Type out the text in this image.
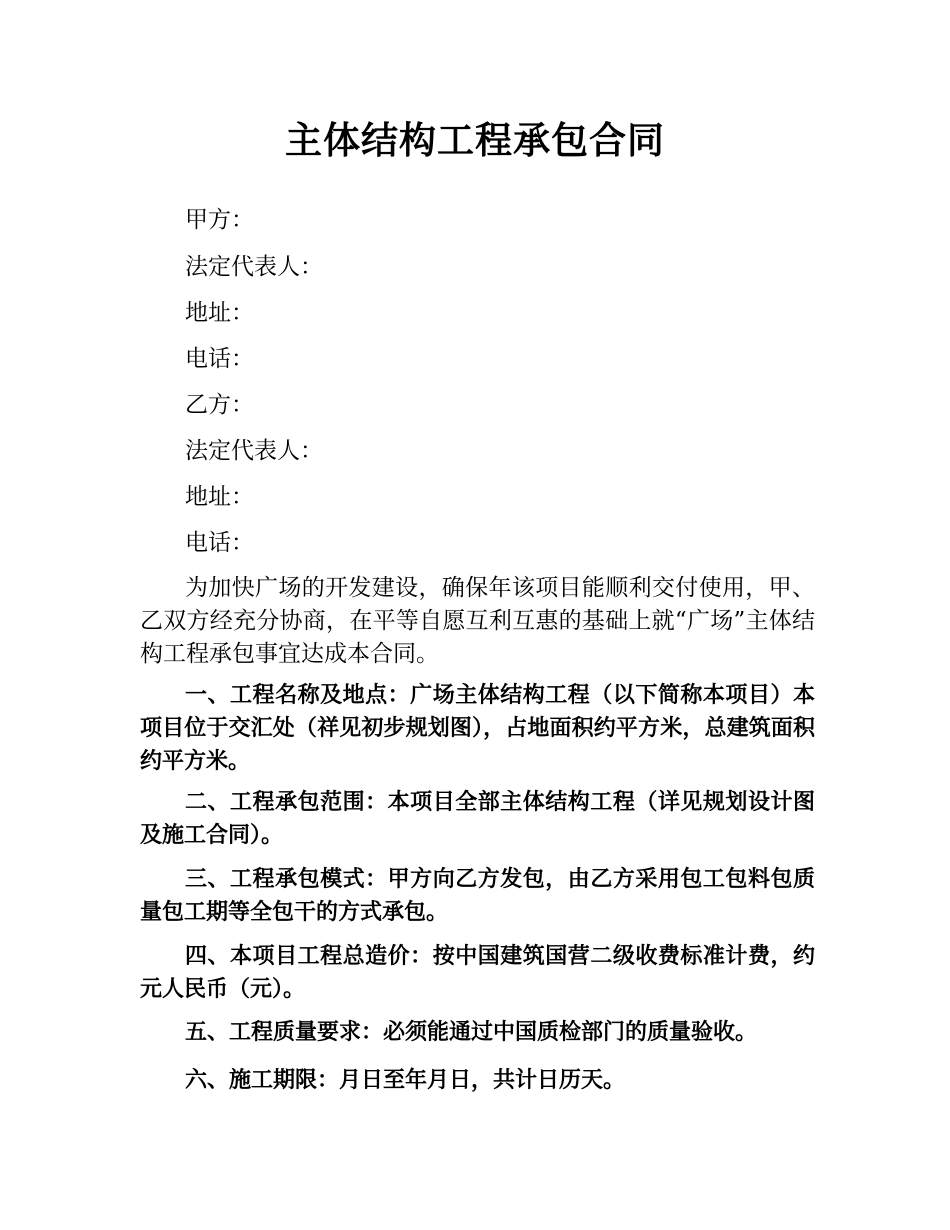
主体结构工程承包合同
甲方：
法定代表人：
地址：
电话：
乙方：
法定代表人：
地址：
电话：
为加快广场的开发建设，确保年该项目能顺利交付使用，甲、乙双方经充分协商，在平等自愿互利互惠的基础上就“广场”主体结构工程承包事宜达成本合同。
一、工程名称及地点：广场主体结构工程（以下简称本项目）本项目位于交汇处（祥见初步规划图），占地面积约平方米，总建筑面积约平方米。
二、工程承包范围：本项目全部主体结构工程（详见规划设计图及施工合同）。
三、工程承包模式：甲方向乙方发包，由乙方采用包工包料包质量包工期等全包干的方式承包。
四、本项目工程总造价：按中国建筑国营二级收费标准计费，约元人民币（元）。
五、工程质量要求：必须能通过中国质检部门的质量验收。
六、施工期限：月日至年月日，共计日历天。
